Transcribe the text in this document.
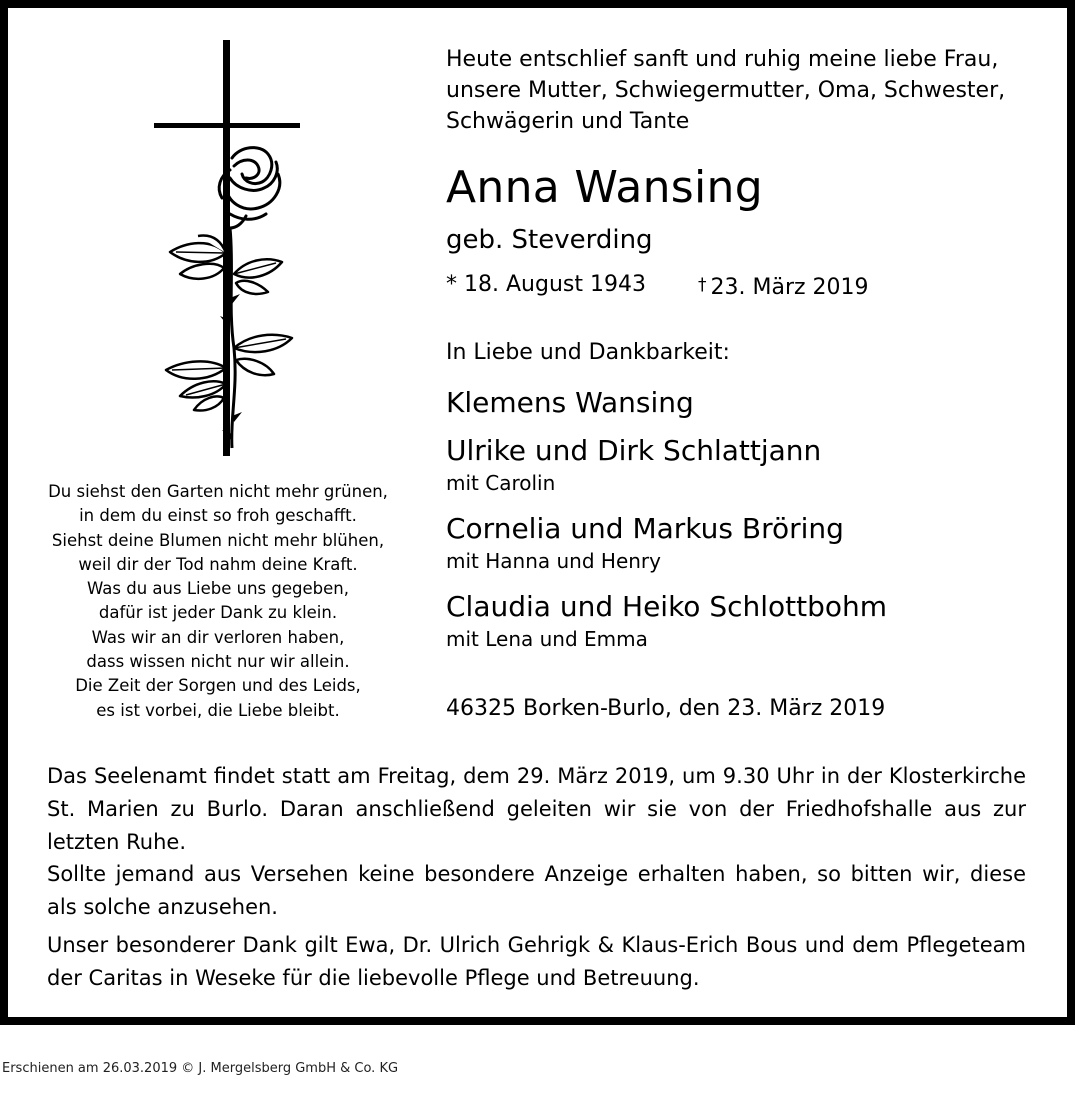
Heute entschlief sanft und ruhig meine liebe Frau,
unsere Mutter, Schwiegermutter, Oma, Schwester,
Schwägerin und Tante
Anna Wansing
geb. Steverding
* 18. August 1943	† 23. März 2019
In Liebe und Dankbarkeit:
Klemens Wansing
Ulrike und Dirk Schlattjann
mit Carolin
Cornelia und Markus Bröring
mit Hanna und Henry
Claudia und Heiko Schlottbohm
mit Lena und Emma
46325 Borken-Burlo, den 23. März 2019
Du siehst den Garten nicht mehr grünen,
in dem du einst so froh geschafft.
Siehst deine Blumen nicht mehr blühen,
weil dir der Tod nahm deine Kraft.
Was du aus Liebe uns gegeben,
dafür ist jeder Dank zu klein.
Was wir an dir verloren haben,
dass wissen nicht nur wir allein.
Die Zeit der Sorgen und des Leids,
es ist vorbei, die Liebe bleibt.

Das Seelenamt findet statt am Freitag, dem 29. März 2019, um 9.30 Uhr in der Klosterkirche St. Marien zu Burlo. Daran anschließend geleiten wir sie von der Friedhofshalle aus zur letzten Ruhe.

Sollte jemand aus Versehen keine besondere Anzeige erhalten haben, so bitten wir, diese als solche anzusehen.

Unser besonderer Dank gilt Ewa, Dr. Ulrich Gehrigk & Klaus-Erich Bous und dem Pflegeteam der Caritas in Weseke für die liebevolle Pflege und Betreuung.

Erschienen am 26.03.2019 © J. Mergelsberg GmbH & Co. KG
